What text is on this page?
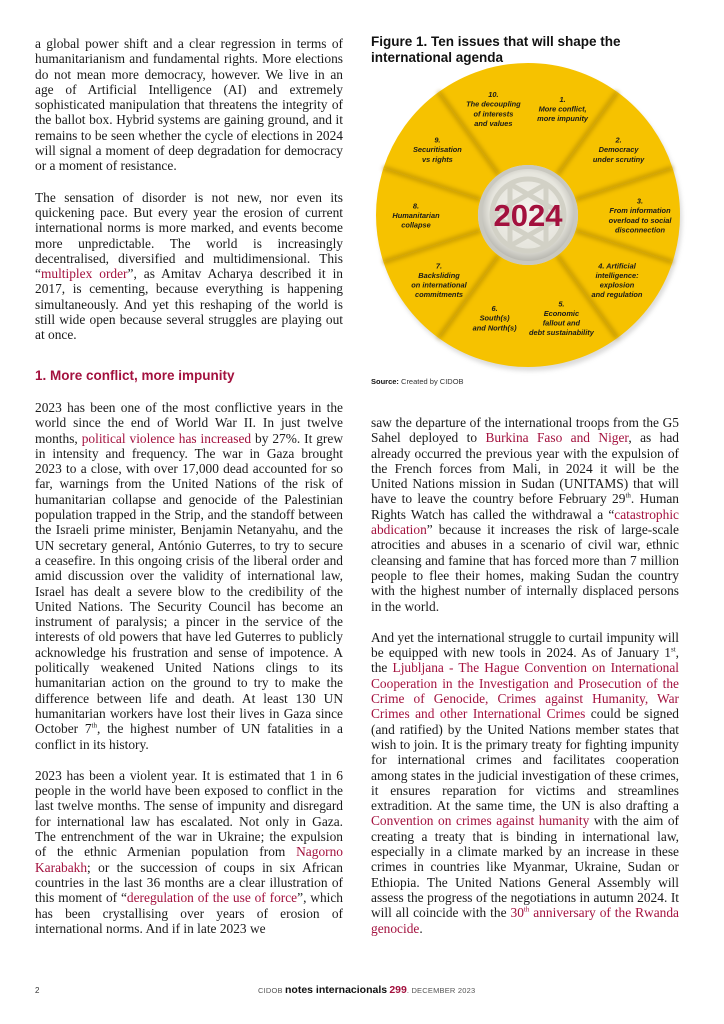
a global power shift and a clear regression in terms of humanitarianism and fundamental rights. More elections do not mean more democracy, however. We live in an age of Artificial Intelligence (AI) and extremely sophisticated manipulation that threatens the integrity of the ballot box. Hybrid systems are gaining ground, and it remains to be seen whether the cycle of elections in 2024 will signal a moment of deep degradation for democracy or a moment of resistance.

The sensation of disorder is not new, nor even its quickening pace. But every year the erosion of current international norms is more marked, and events become more unpredictable. The world is increasingly decentralised, diversified and multidimensional. This “multiplex order”, as Amitav Acharya described it in 2017, is cementing, because everything is happening simultaneously. And yet this reshaping of the world is still wide open because several struggles are playing out at once.

1. More conflict, more impunity

2023 has been one of the most conflictive years in the world since the end of World War II. In just twelve months, political violence has increased by 27%. It grew in intensity and frequency. The war in Gaza brought 2023 to a close, with over 17,000 dead accounted for so far, warnings from the United Nations of the risk of humanitarian collapse and genocide of the Palestinian population trapped in the Strip, and the standoff between the Israeli prime minister, Benjamin Netanyahu, and the UN secretary general, António Guterres, to try to secure a ceasefire. In this ongoing crisis of the liberal order and amid discussion over the validity of international law, Israel has dealt a severe blow to the credibility of the United Nations. The Security Council has become an instrument of paralysis; a pincer in the service of the interests of old powers that have led Guterres to publicly acknowledge his frustration and sense of impotence. A politically weakened United Nations clings to its humanitarian action on the ground to try to make the difference between life and death. At least 130 UN humanitarian workers have lost their lives in Gaza since October 7th, the highest number of UN fatalities in a conflict in its history.

2023 has been a violent year. It is estimated that 1 in 6 people in the world have been exposed to conflict in the last twelve months. The sense of impunity and disregard for international law has escalated. Not only in Gaza. The entrenchment of the war in Ukraine; the expulsion of the ethnic Armenian population from Nagorno Karabakh; or the succession of coups in six African countries in the last 36 months are a clear illustration of this moment of “deregulation of the use of force”, which has been crystallising over years of erosion of international norms. And if in late 2023 we

Figure 1. Ten issues that will shape the international agenda
1. More conflict, more impunity
2. Democracy under scrutiny
3. From information overload to social disconnection
4. Artificial intelligence: explosion and regulation
5. Economic fallout and debt sustainability
6. South(s) and North(s)
7. Backsliding on international commitments
8. Humanitarian collapse
9. Securitisation vs rights
10. The decoupling of interests and values
2024
Source: Created by CIDOB

saw the departure of the international troops from the G5 Sahel deployed to Burkina Faso and Niger, as had already occurred the previous year with the expulsion of the French forces from Mali, in 2024 it will be the United Nations mission in Sudan (UNITAMS) that will have to leave the country before February 29th. Human Rights Watch has called the withdrawal a “catastrophic abdication” because it increases the risk of large-scale atrocities and abuses in a scenario of civil war, ethnic cleansing and famine that has forced more than 7 million people to flee their homes, making Sudan the country with the highest number of internally displaced persons in the world.

And yet the international struggle to curtail impunity will be equipped with new tools in 2024. As of January 1st, the Ljubljana - The Hague Convention on International Cooperation in the Investigation and Prosecution of the Crime of Genocide, Crimes against Humanity, War Crimes and other International Crimes could be signed (and ratified) by the United Nations member states that wish to join. It is the primary treaty for fighting impunity for international crimes and facilitates cooperation among states in the judicial investigation of these crimes, it ensures reparation for victims and streamlines extradition. At the same time, the UN is also drafting a Convention on crimes against humanity with the aim of creating a treaty that is binding in international law, especially in a climate marked by an increase in these crimes in countries like Myanmar, Ukraine, Sudan or Ethiopia. The United Nations General Assembly will assess the progress of the negotiations in autumn 2024. It will all coincide with the 30th anniversary of the Rwanda genocide.

2	CIDOB notes internacionals 299. DECEMBER 2023
